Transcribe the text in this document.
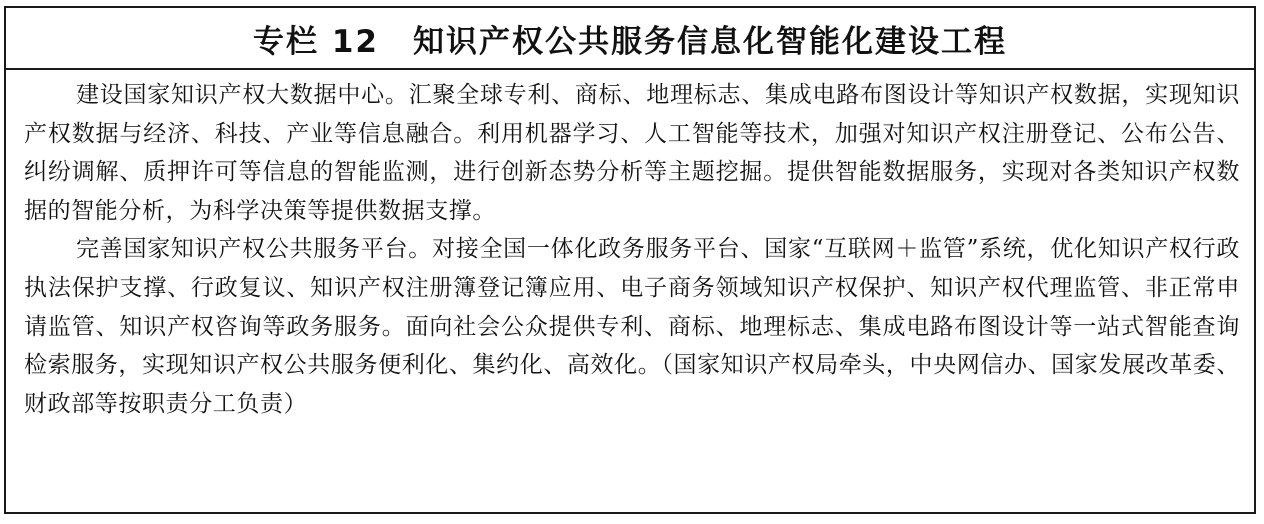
专栏 12 知识产权公共服务信息化智能化建设工程

建设国家知识产权大数据中心。汇聚全球专利、商标、地理标志、集成电路布图设计等知识产权数据，实现知识产权数据与经济、科技、产业等信息融合。利用机器学习、人工智能等技术，加强对知识产权注册登记、公布公告、纠纷调解、质押许可等信息的智能监测，进行创新态势分析等主题挖掘。提供智能数据服务，实现对各类知识产权数据的智能分析，为科学决策等提供数据支撑。

完善国家知识产权公共服务平台。对接全国一体化政务服务平台、国家“互联网＋监管”系统，优化知识产权行政执法保护支撑、行政复议、知识产权注册簿登记簿应用、电子商务领域知识产权保护、知识产权代理监管、非正常申请监管、知识产权咨询等政务服务。面向社会公众提供专利、商标、地理标志、集成电路布图设计等一站式智能查询检索服务，实现知识产权公共服务便利化、集约化、高效化。（国家知识产权局牵头，中央网信办、国家发展改革委、财政部等按职责分工负责）
